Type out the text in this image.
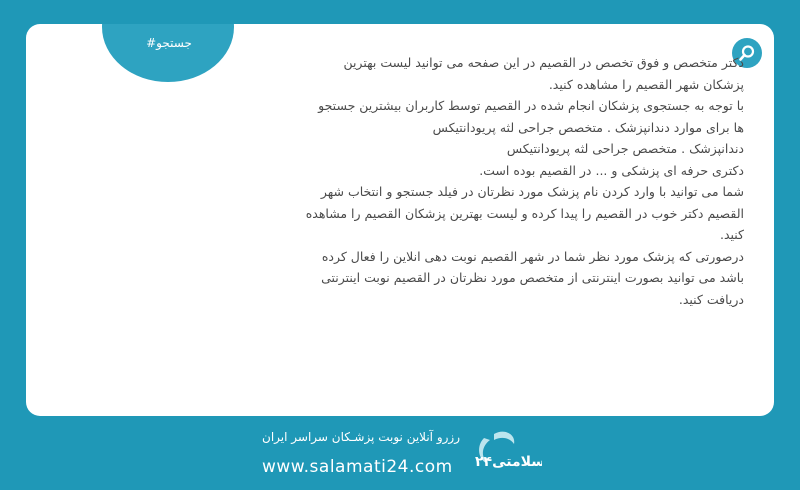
#جستجو

دکتر متخصص و فوق تخصص در القصیم در این صفحه می توانید لیست بهترین پزشکان شهر القصیم را مشاهده کنید.

با توجه به جستجوی پزشکان انجام شده در القصیم توسط کاربران بیشترین جستجو ها برای موارد دندانپزشک . متخصص جراحی لثه پریودانتیکس

دندانپزشک . متخصص جراحی لثه پریودانتیکس

دکتری حرفه ای پزشکی و ... در القصیم بوده است.

شما می توانید با وارد کردن نام پزشک مورد نظرتان در فیلد جستجو و انتخاب شهر القصیم دکتر خوب در القصیم را پیدا کرده و لیست بهترین پزشکان القصیم را مشاهده کنید.

درصورتی که پزشک مورد نظر شما در شهر القصیم نوبت دهی انلاین را فعال کرده باشد می توانید بصورت اینترنتی از متخصص مورد نظرتان در القصیم نوبت اینترنتی دریافت کنید.

رزرو آنلاین نوبت پزشـکان سراسر ایران
www.salamati24.com	سلامتی۲۴
